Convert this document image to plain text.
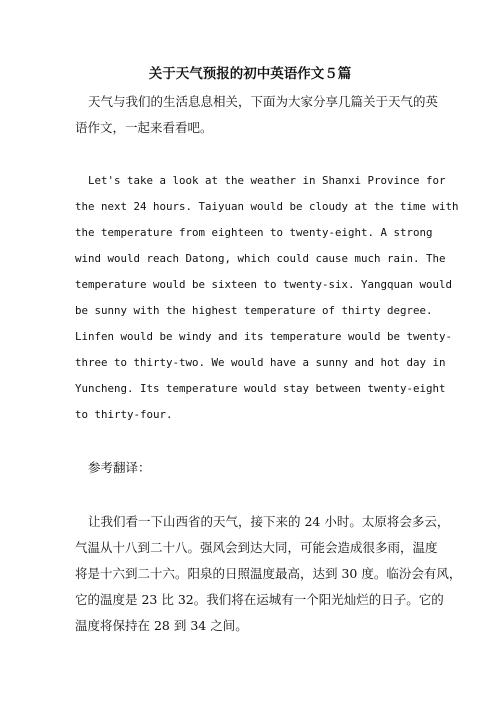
关于天气预报的初中英语作文５篇
天气与我们的生活息息相关，下面为大家分享几篇关于天气的英
语作文，一起来看看吧。
Let's take a look at the weather in Shanxi Province for
the next 24 hours. Taiyuan would be cloudy at the time with
the temperature from eighteen to twenty-eight. A strong
wind would reach Datong, which could cause much rain. The
temperature would be sixteen to twenty-six. Yangquan would
be sunny with the highest temperature of thirty degree.
Linfen would be windy and its temperature would be twenty-
three to thirty-two. We would have a sunny and hot day in
Yuncheng. Its temperature would stay between twenty-eight
to thirty-four.
参考翻译：
让我们看一下山西省的天气，接下来的 24 小时。太原将会多云，
气温从十八到二十八。强风会到达大同，可能会造成很多雨，温度
将是十六到二十六。阳泉的日照温度最高，达到 30 度。临汾会有风，
它的温度是 23 比 32。我们将在运城有一个阳光灿烂的日子。它的
温度将保持在 28 到 34 之间。
